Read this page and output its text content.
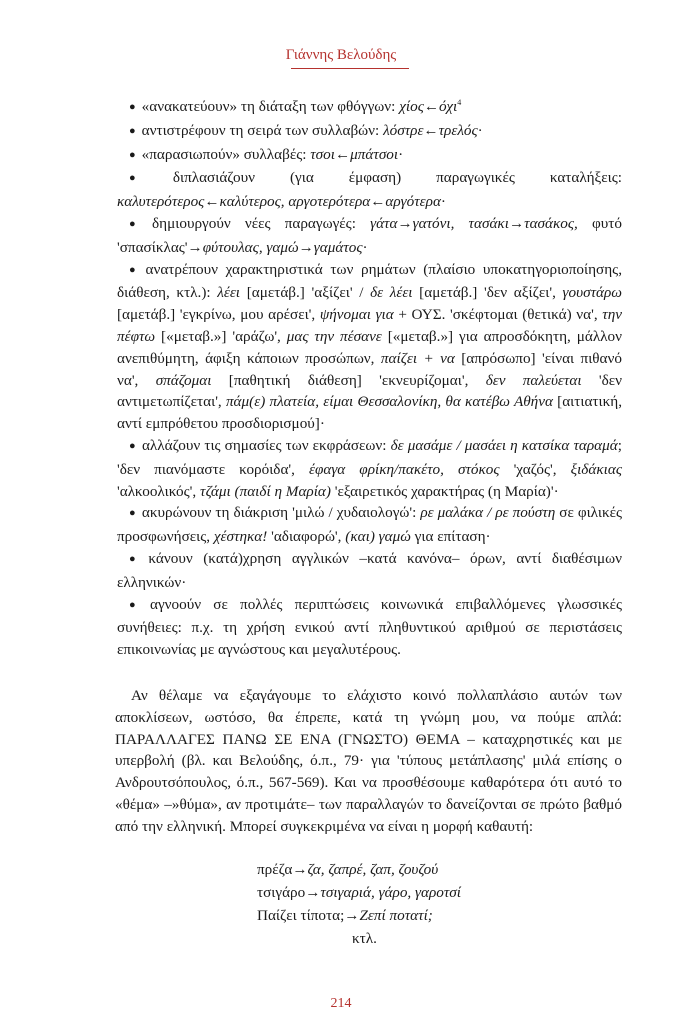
Γιάννης Βελούδης
● «ανακατεύουν» τη διάταξη των φθόγγων: χίος←όχι$^4$
● αντιστρέφουν τη σειρά των συλλαβών: λόστρε←τρελός·
● «παρασιωπούν» συλλαβές: τσοι←μπάτσοι·
● διπλασιάζουν (για έμφαση) παραγωγικές καταλήξεις: καλυτερότερος←καλύτερος, αργοτερότερα←αργότερα·
● δημιουργούν νέες παραγωγές: γάτα→γατόνι, τασάκι→τασάκος, φυτό 'σπασίκλας'→φύτουλας, γαμώ→γαμάτος·
● ανατρέπουν χαρακτηριστικά των ρημάτων (πλαίσιο υποκατηγοριοποίησης, διάθεση, κτλ.): λέει [αμετάβ.] 'αξίζει' / δε λέει [αμετάβ.] 'δεν αξίζει', γουστάρω [αμετάβ.] 'εγκρίνω, μου αρέσει', ψήνομαι για + ΟΥΣ. 'σκέφτομαι (θετικά) να', την πέφτω [«μεταβ.»] 'αράζω', μας την πέσανε [«μεταβ.»] για απροσδόκητη, μάλλον ανεπιθύμητη, άφιξη κάποιων προσώπων, παίζει + να [απρόσωπο] 'είναι πιθανό να', σπάζομαι [παθητική διάθεση] 'εκνευρίζομαι', δεν παλεύεται 'δεν αντιμετωπίζεται', πάμ(ε) πλατεία, είμαι Θεσσαλονίκη, θα κατέβω Αθήνα [αιτιατική, αντί εμπρόθετου προσδιορισμού]·
● αλλάζουν τις σημασίες των εκφράσεων: δε μασάμε / μασάει η κατσίκα ταραμά; 'δεν πιανόμαστε κορόιδα', έφαγα φρίκη/πακέτο, στόκος 'χαζός', ξιδάκιας 'αλκοολικός', τζάμι (παιδί η Μαρία) 'εξαιρετικός χαρακτήρας (η Μαρία)'·
● ακυρώνουν τη διάκριση 'μιλώ / χυδαιολογώ': ρε μαλάκα / ρε πούστη σε φιλικές προσφωνήσεις, χέστηκα! 'αδιαφορώ', (και) γαμώ για επίταση·
● κάνουν (κατά)χρηση αγγλικών –κατά κανόνα– όρων, αντί διαθέσιμων ελληνικών·
● αγνοούν σε πολλές περιπτώσεις κοινωνικά επιβαλλόμενες γλωσσικές συνήθειες: π.χ. τη χρήση ενικού αντί πληθυντικού αριθμού σε περιστάσεις επικοινωνίας με αγνώστους και μεγαλυτέρους.
Αν θέλαμε να εξαγάγουμε το ελάχιστο κοινό πολλαπλάσιο αυτών των αποκλίσεων, ωστόσο, θα έπρεπε, κατά τη γνώμη μου, να πούμε απλά: ΠΑΡΑΛΛΑΓΕΣ ΠΑΝΩ ΣΕ ΕΝΑ (ΓΝΩΣΤΟ) ΘΕΜΑ – καταχρηστικές και με υπερβολή (βλ. και Βελούδης, ό.π., 79· για 'τύπους μετάπλασης' μιλά επίσης ο Ανδρουτσόπουλος, ό.π., 567-569). Και να προσθέσουμε καθαρότερα ότι αυτό το «θέμα» –»θύμα», αν προτιμάτε– των παραλλαγών το δανείζονται σε πρώτο βαθμό από την ελληνική. Μπορεί συγκεκριμένα να είναι η μορφή καθαυτή:
πρέζα→ζα, ζαπρέ, ζαπ, ζουζού
τσιγάρο→τσιγαριά, γάρο, γαροτσί
Παίζει τίποτα;→Ζεπί ποτατί;
κτλ.
214
